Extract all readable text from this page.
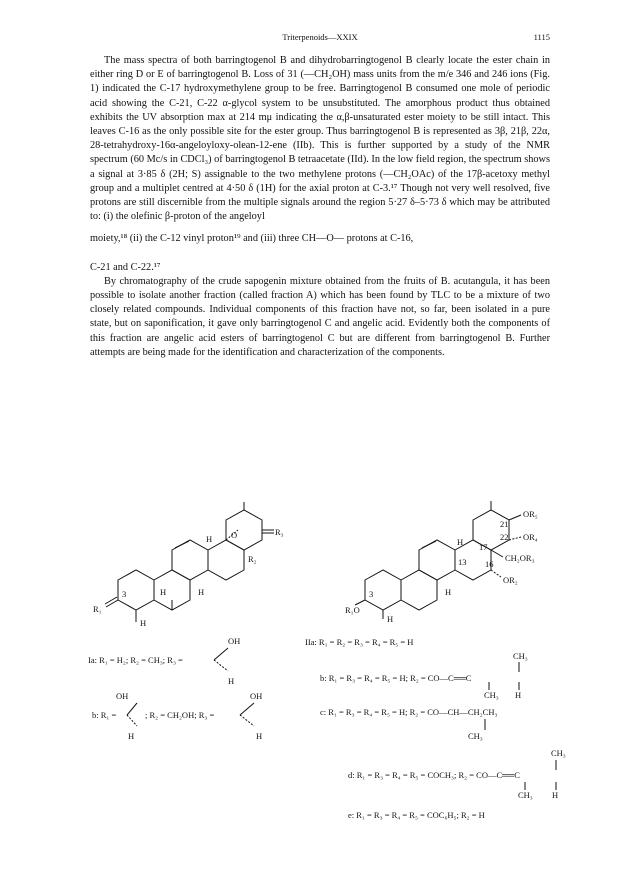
Triterpenoids—XXIX	1115

The mass spectra of both barringtogenol B and dihydrobarringtogenol B clearly locate the ester chain in either ring D or E of barringtogenol B. Loss of 31 (—CH₂OH) mass units from the m/e 346 and 246 ions (Fig. 1) indicated the C-17 hydroxymethylene group to be free. Barringtogenol B consumed one mole of periodic acid showing the C-21, C-22 α-glycol system to be unsubstituted. The amorphous product thus obtained exhibits the UV absorption max at 214 mμ indicating the α,β-unsaturated ester moiety to be still intact. This leaves C-16 as the only possible site for the ester group. Thus barringtogenol B is represented as 3β, 21β, 22α, 28-tetrahydroxy-16α-angeloyloxy-olean-12-ene (IIb). This is further supported by a study of the NMR spectrum (60 Mc/s in CDCl₃) of barringtogenol B tetraacetate (IId). In the low field region, the spectrum shows a signal at 3·85 δ (2H; S) assignable to the two methylene protons (—CH₂OAc) of the 17β-acetoxy methyl group and a multiplet centred at 4·50 δ (1H) for the axial proton at C-3.¹⁷ Though not very well resolved, five protons are still discernible from the multiple signals around the region 5·27 δ–5·73 δ which may be attributed to: (i) the olefinic β-proton of the angeloyl

moiety,¹⁸ (ii) the C-12 vinyl proton¹⁹ and (iii) three CH—O— protons at C-16,

C-21 and C-22.¹⁷

By chromatography of the crude sapogenin mixture obtained from the fruits of B. acutangula, it has been possible to isolate another fraction (called fraction A) which has been found by TLC to be a mixture of two closely related compounds. Individual components of this fraction have not, so far, been isolated in a pure state, but on saponification, it gave only barringtogenol C and angelic acid. Evidently both the components of this fraction are angelic acid esters of barringtogenol C but are different from barringtogenol B. Further attempts are being made for the identification and characterization of the components.

H O	R₃
R₂
H
H
R₁
3
H
OR₅
21
22 OR₄
17
H
13	CH₂OR₃
16
OR₂
H
3
R₁O
H
OH
Ia: R₁ = H₂; R₂ = CH₃; R₃ =
H
OH
b: R₁ =
H
; R₂ = CH₂OH; R₃ =
OH
H
IIa: R₁ = R₂ = R₃ = R₄ = R₅ = H
CH₃
b: R₁ = R₃ = R₄ = R₅ = H; R₂ = CO—C══C
CH₃ H
c: R₁ = R₃ = R₄ = R₅ = H; R₂ = CO—CH—CH₂CH₃
CH₃
CH₃
d: R₁ = R₃ = R₄ = R₅ = COCH₃; R₂ = CO—C══C
CH₃ H
e: R₁ = R₃ = R₄ = R₅ = COC₆H₅; R₂ = H
